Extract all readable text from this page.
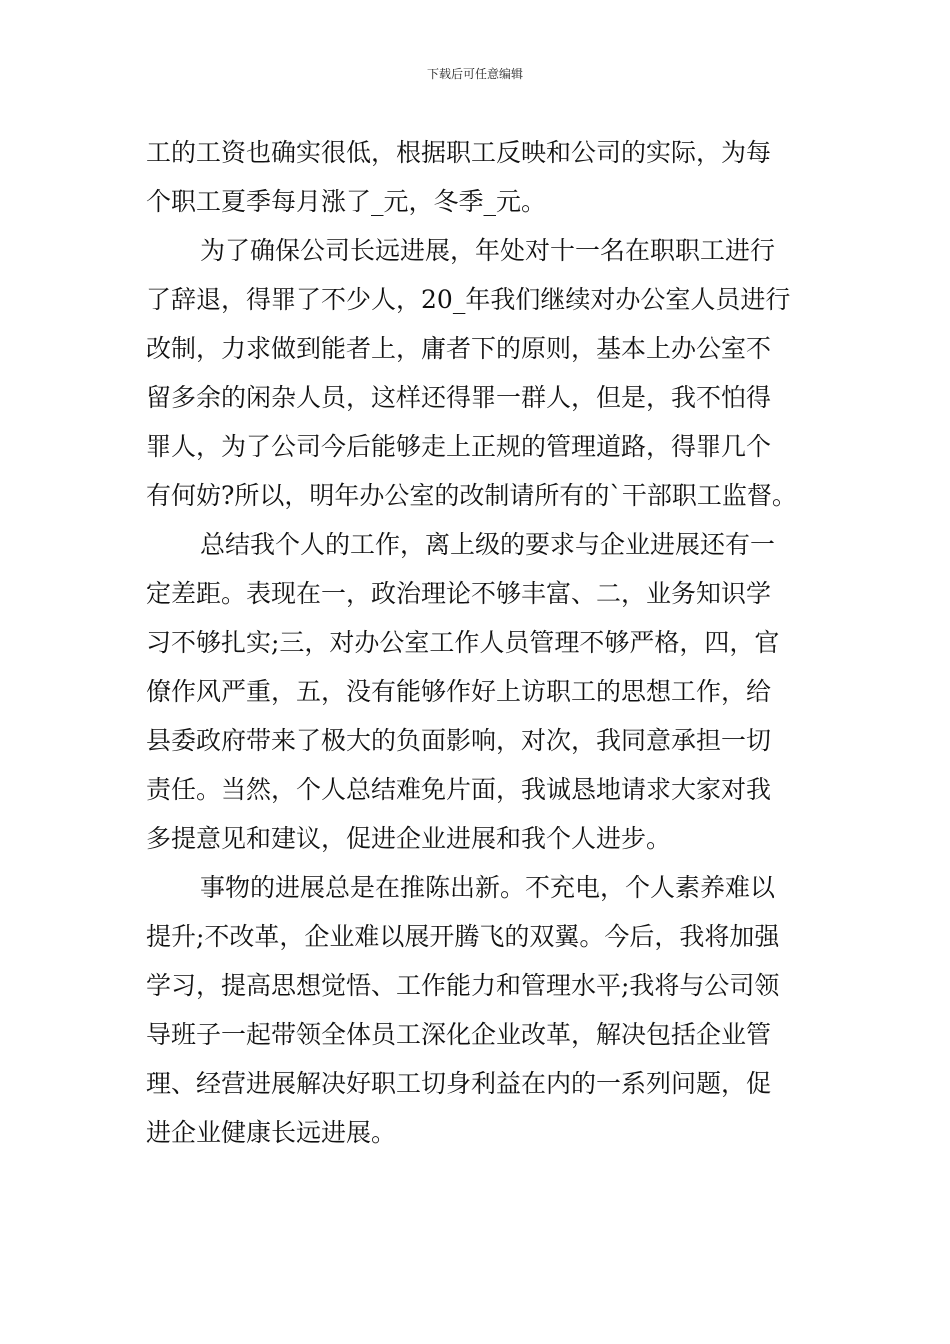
下载后可任意编辑
工的工资也确实很低，根据职工反映和公司的实际，为每
个职工夏季每月涨了_元，冬季_元。
为了确保公司长远进展，年处对十一名在职职工进行
了辞退，得罪了不少人，20_年我们继续对办公室人员进行
改制，力求做到能者上，庸者下的原则，基本上办公室不
留多余的闲杂人员，这样还得罪一群人，但是，我不怕得
罪人，为了公司今后能够走上正规的管理道路，得罪几个
有何妨?所以，明年办公室的改制请所有的`干部职工监督。
总结我个人的工作，离上级的要求与企业进展还有一
定差距。表现在一，政治理论不够丰富、二，业务知识学
习不够扎实;三，对办公室工作人员管理不够严格，四，官
僚作风严重，五，没有能够作好上访职工的思想工作，给
县委政府带来了极大的负面影响，对次，我同意承担一切
责任。当然，个人总结难免片面，我诚恳地请求大家对我
多提意见和建议，促进企业进展和我个人进步。
事物的进展总是在推陈出新。不充电，个人素养难以
提升;不改革，企业难以展开腾飞的双翼。今后，我将加强
学习，提高思想觉悟、工作能力和管理水平;我将与公司领
导班子一起带领全体员工深化企业改革，解决包括企业管
理、经营进展解决好职工切身利益在内的一系列问题，促
进企业健康长远进展。
